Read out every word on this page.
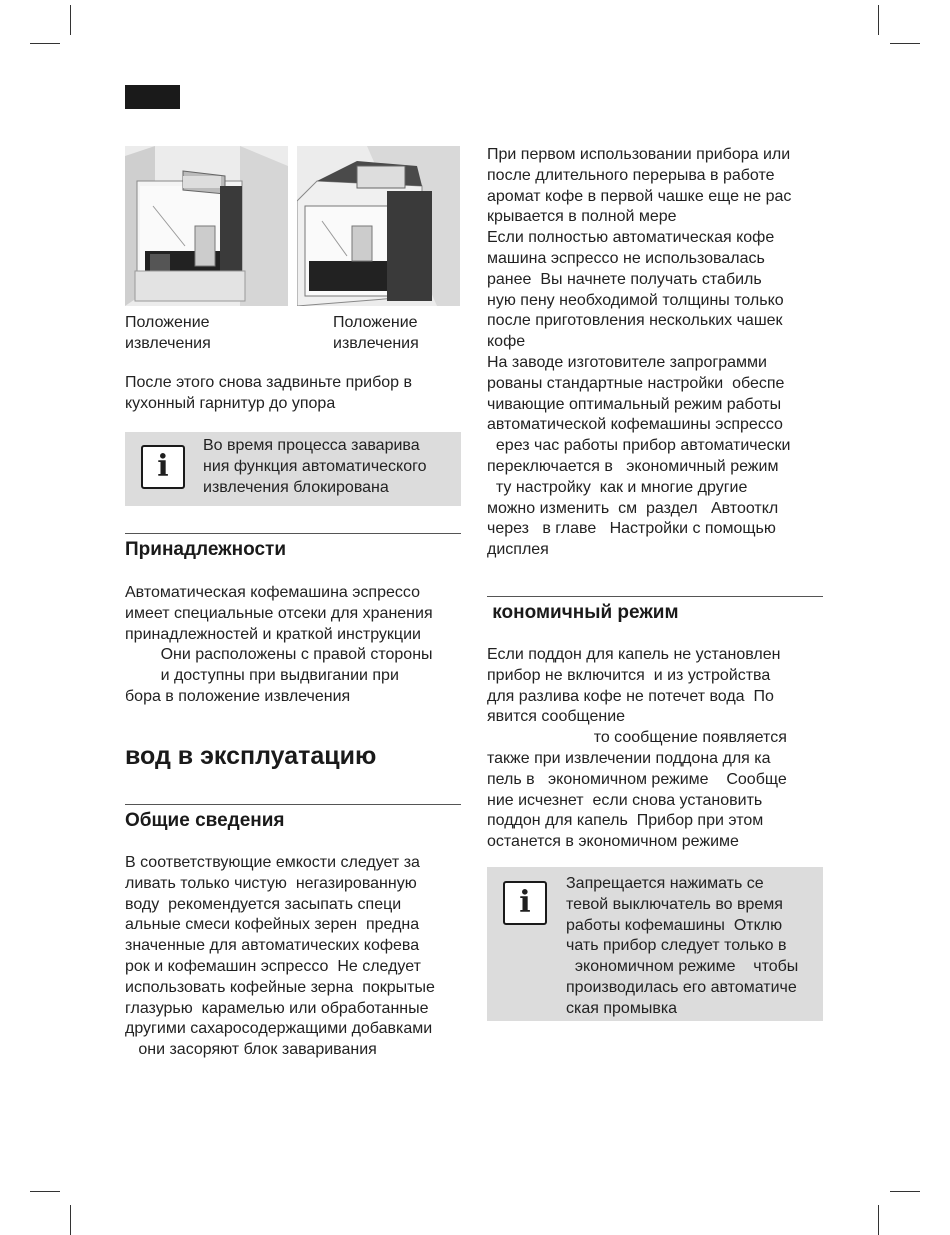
Положение
извлечения
Положение
извлечения
После этого снова задвиньте прибор в
кухонный гарнитур до упора
i
Во время процесса заварива
ния функция автоматического
извлечения блокирована
Принадлежности
Автоматическая кофемашина эспрессо
имеет специальные отсеки для хранения
принадлежностей и краткой инструкции
Они расположены с правой стороны
и доступны при выдвигании при
бора в положение извлечения
вод в эксплуатацию
Общие сведения
В соответствующие емкости следует за
ливать только чистую  негазированную
воду  рекомендуется засыпать специ
альные смеси кофейных зерен  предна
значенные для автоматических кофева
рок и кофемашин эспрессо  Не следует
использовать кофейные зерна  покрытые
глазурью  карамелью или обработанные
другими сахаросодержащими добавками
они засоряют блок заваривания
При первом использовании прибора или
после длительного перерыва в работе
аромат кофе в первой чашке еще не рас
крывается в полной мере
Если полностью автоматическая кофе
машина эспрессо не использовалась
ранее  Вы начнете получать стабиль
ную пену необходимой толщины только
после приготовления нескольких чашек
кофе
На заводе изготовителе запрограмми
рованы стандартные настройки  обеспе
чивающие оптимальный режим работы
автоматической кофемашины эспрессо
ерез час работы прибор автоматически
переключается в   экономичный режим
ту настройку  как и многие другие
можно изменить  см  раздел   Автооткл
через   в главе   Настройки с помощью
дисплея
кономичный режим
Если поддон для капель не установлен
прибор не включится  и из устройства
для разлива кофе не потечет вода  По
явится сообщение
то сообщение появляется
также при извлечении поддона для ка
пель в   экономичном режиме    Сообще
ние исчезнет  если снова установить
поддон для капель  Прибор при этом
останется в экономичном режиме
i
Запрещается нажимать се
тевой выключатель во время
работы кофемашины  Отклю
чать прибор следует только в
экономичном режиме    чтобы
производилась его автоматиче
ская промывка
